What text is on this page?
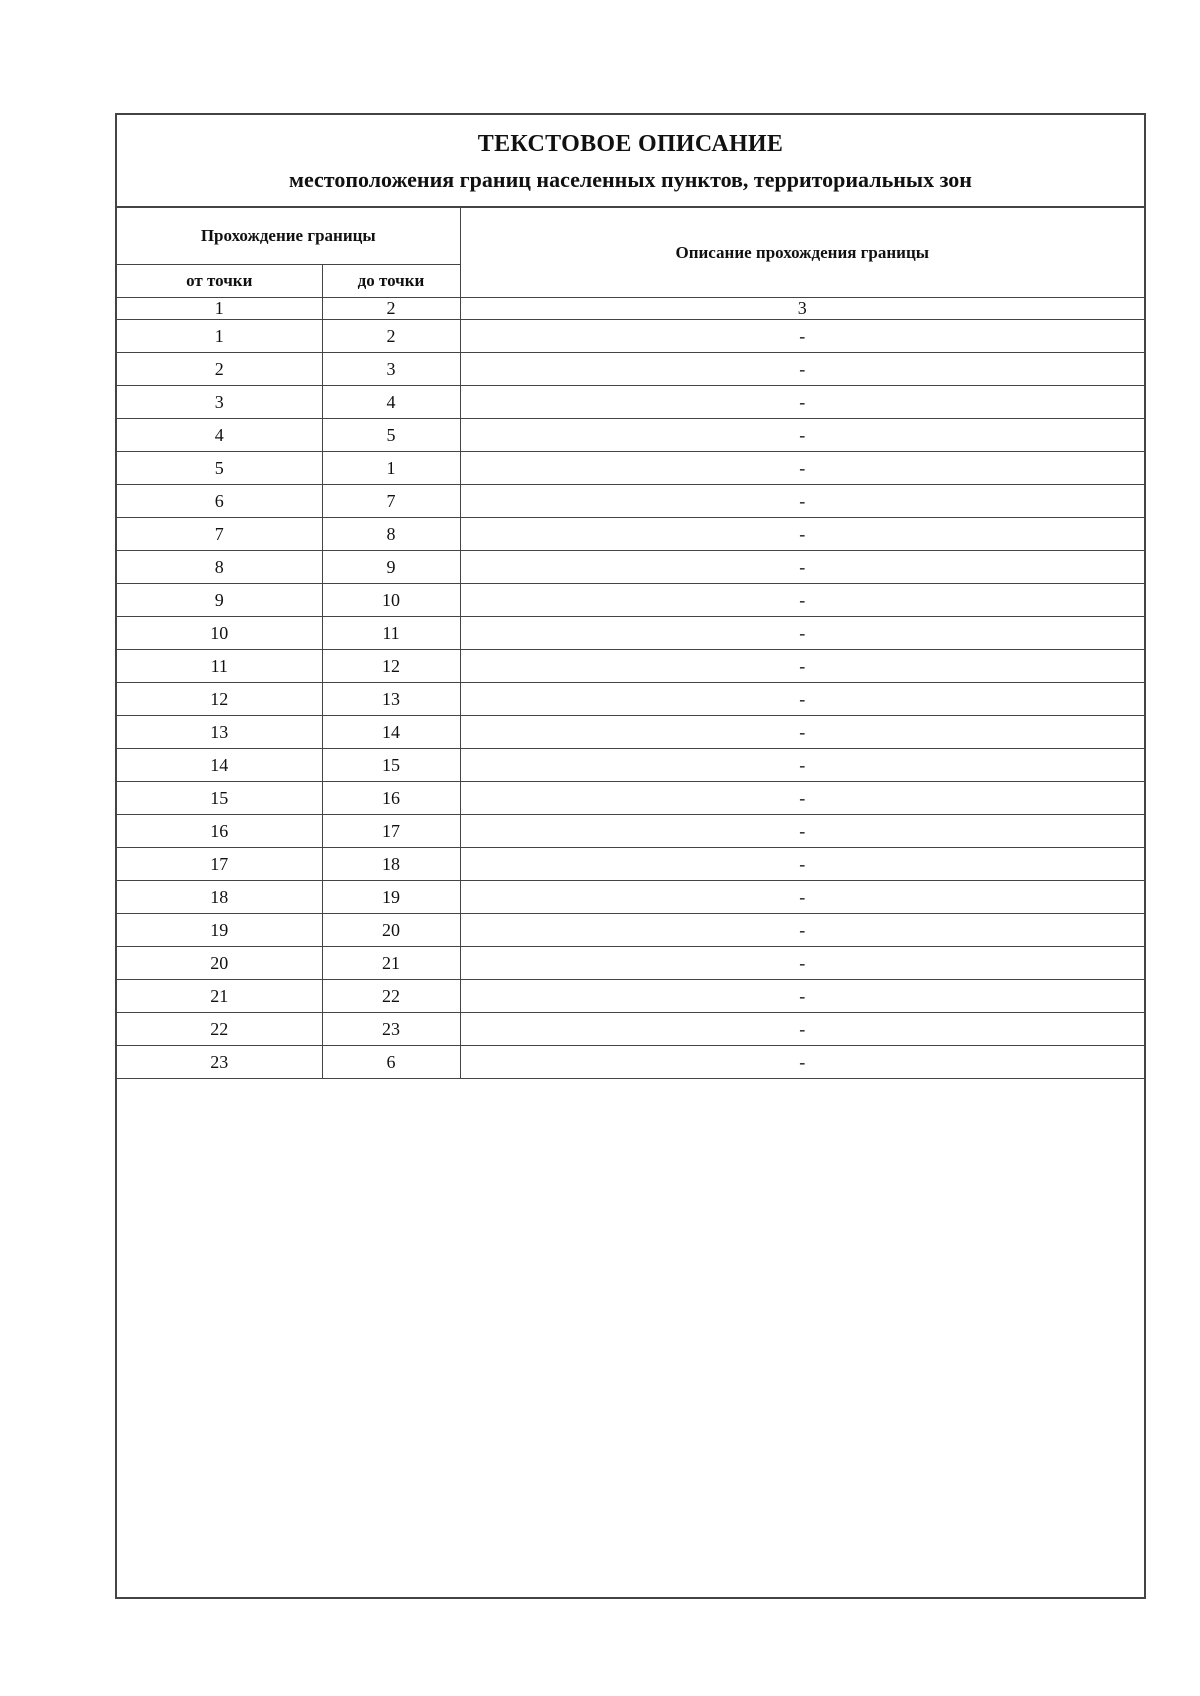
ТЕКСТОВОЕ ОПИСАНИЕ
местоположения границ населенных пунктов, территориальных зон
Прохождение границы		Описание прохождения границы
от точки	до точки	
1	2	3
1	2	-
2	3	-
3	4	-
4	5	-
5	1	-
6	7	-
7	8	-
8	9	-
9	10	-
10	11	-
11	12	-
12	13	-
13	14	-
14	15	-
15	16	-
16	17	-
17	18	-
18	19	-
19	20	-
20	21	-
21	22	-
22	23	-
23	6	-
